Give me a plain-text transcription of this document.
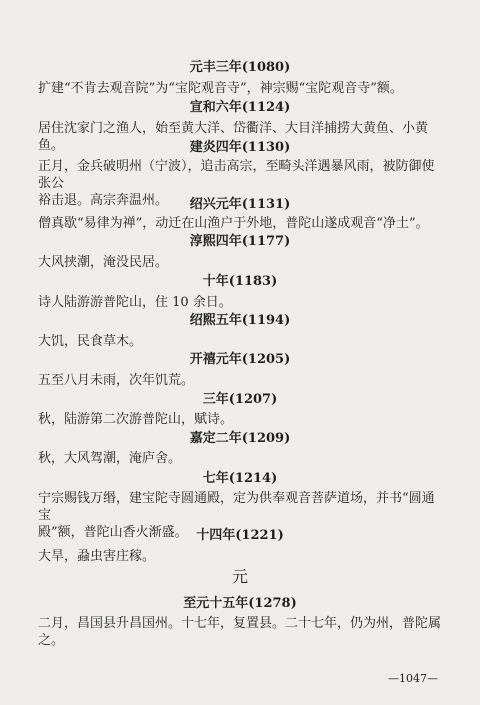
元丰三年(1080)
扩建“不肯去观音院”为“宝陀观音寺”，神宗赐“宝陀观音寺”额。
宣和六年(1124)
居住沈家门之渔人，始至黄大洋、岱衢洋、大目洋捕捞大黄鱼、小黄鱼。	建炎四年(1130)
正月，金兵破明州（宁波），追击高宗，至畸头洋遇暴风雨，被防御使张公
裕击退。高宗奔温州。	绍兴元年(1131)
僧真歇“易律为禅”，动迁在山渔户于外地，普陀山遂成观音“净土”。
淳熙四年(1177)
大风挟潮，淹没民居。
十年(1183)
诗人陆游游普陀山，住 10 余日。
绍熙五年(1194)
大饥，民食草木。
开禧元年(1205)
五至八月未雨，次年饥荒。
三年(1207)
秋，陆游第二次游普陀山，赋诗。
嘉定二年(1209)
秋，大风驾潮，淹庐舍。
七年(1214)
宁宗赐钱万缗，建宝陀寺圆通殿，定为供奉观音菩萨道场，并书“圆通宝
殿”额，普陀山香火渐盛。 十四年(1221)
大旱，蝨虫害庄稼。
元
至元十五年(1278)
二月，昌国县升昌国州。十七年，复置县。二十七年，仍为州，普陀属
之。
—1047—
